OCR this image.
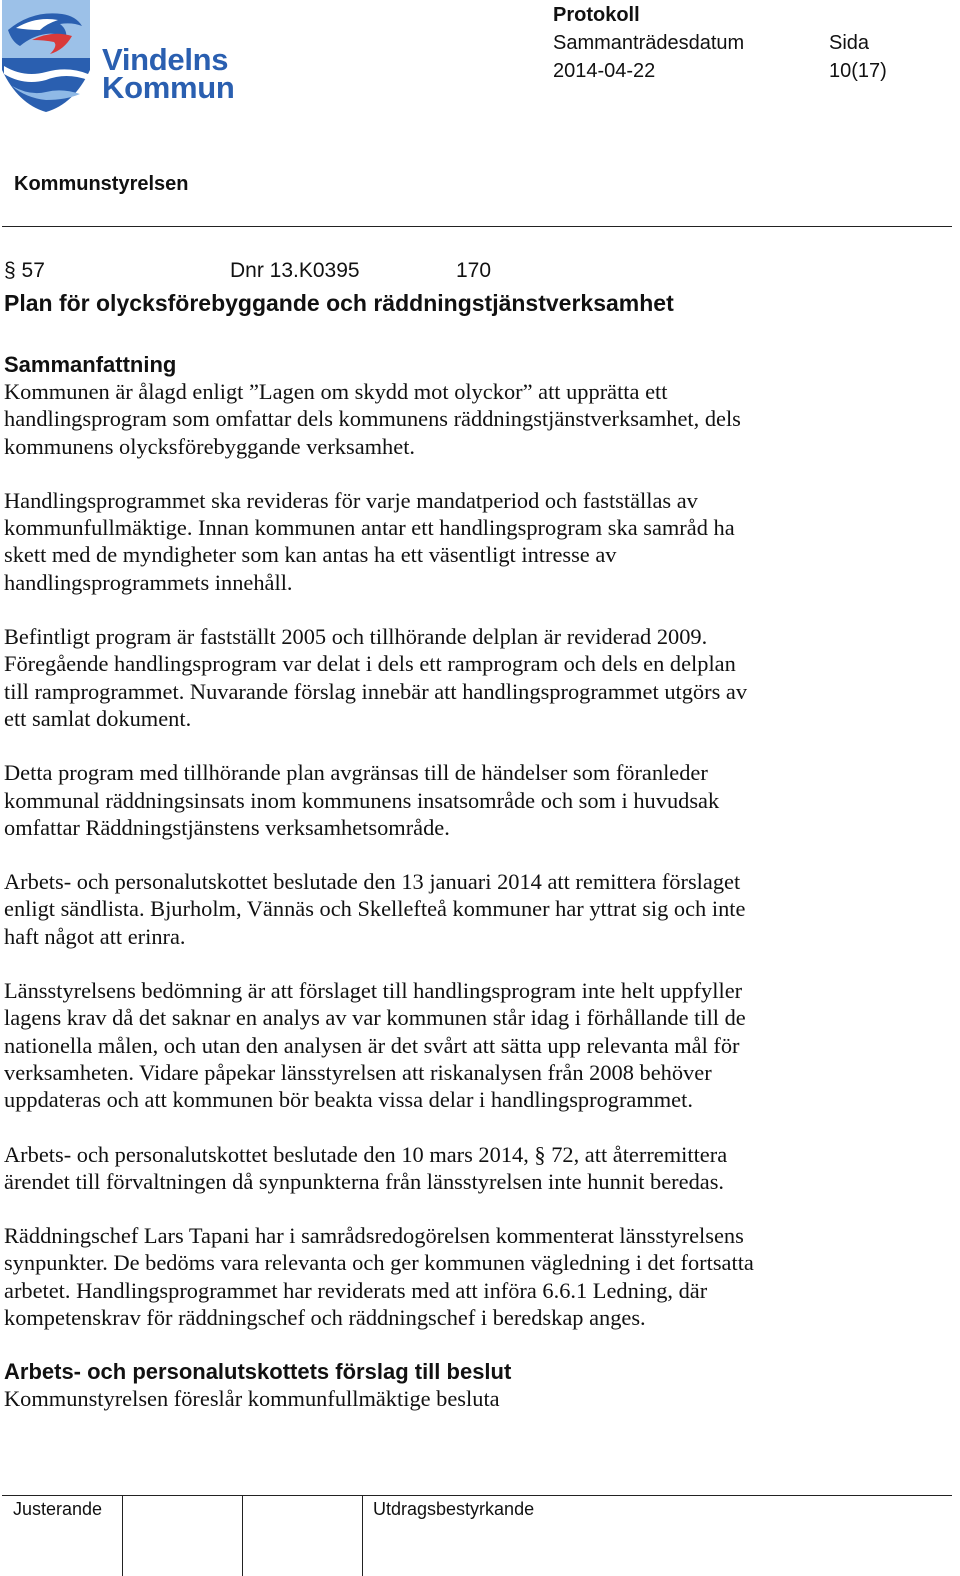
Vindelns
Kommun
Protokoll
Sammanträdesdatum
2014-04-22
Sida
10(17)
Kommunstyrelsen
§ 57	Dnr 13.K0395	170
Plan för olycksförebyggande och räddningstjänstverksamhet
Sammanfattning

Kommunen är ålagd enligt ”Lagen om skydd mot olyckor” att upprätta ett
handlingsprogram som omfattar dels kommunens räddningstjänstverksamhet, dels
kommunens olycksförebyggande verksamhet.

Handlingsprogrammet ska revideras för varje mandatperiod och fastställas av
kommunfullmäktige. Innan kommunen antar ett handlingsprogram ska samråd ha
skett med de myndigheter som kan antas ha ett väsentligt intresse av
handlingsprogrammets innehåll.

Befintligt program är fastställt 2005 och tillhörande delplan är reviderad 2009.
Föregående handlingsprogram var delat i dels ett ramprogram och dels en delplan
till ramprogrammet. Nuvarande förslag innebär att handlingsprogrammet utgörs av
ett samlat dokument.

Detta program med tillhörande plan avgränsas till de händelser som föranleder
kommunal räddningsinsats inom kommunens insatsområde och som i huvudsak
omfattar Räddningstjänstens verksamhetsområde.

Arbets- och personalutskottet beslutade den 13 januari 2014 att remittera förslaget
enligt sändlista. Bjurholm, Vännäs och Skellefteå kommuner har yttrat sig och inte
haft något att erinra.

Länsstyrelsens bedömning är att förslaget till handlingsprogram inte helt uppfyller
lagens krav då det saknar en analys av var kommunen står idag i förhållande till de
nationella målen, och utan den analysen är det svårt att sätta upp relevanta mål för
verksamheten. Vidare påpekar länsstyrelsen att riskanalysen från 2008 behöver
uppdateras och att kommunen bör beakta vissa delar i handlingsprogrammet.

Arbets- och personalutskottet beslutade den 10 mars 2014, § 72, att återremittera
ärendet till förvaltningen då synpunkterna från länsstyrelsen inte hunnit beredas.

Räddningschef Lars Tapani har i samrådsredogörelsen kommenterat länsstyrelsens
synpunkter. De bedöms vara relevanta och ger kommunen vägledning i det fortsatta
arbetet. Handlingsprogrammet har reviderats med att införa 6.6.1 Ledning, där
kompetenskrav för räddningschef och räddningschef i beredskap anges.

Arbets- och personalutskottets förslag till beslut

Kommunstyrelsen föreslår kommunfullmäktige besluta

Justerande	Utdragsbestyrkande
